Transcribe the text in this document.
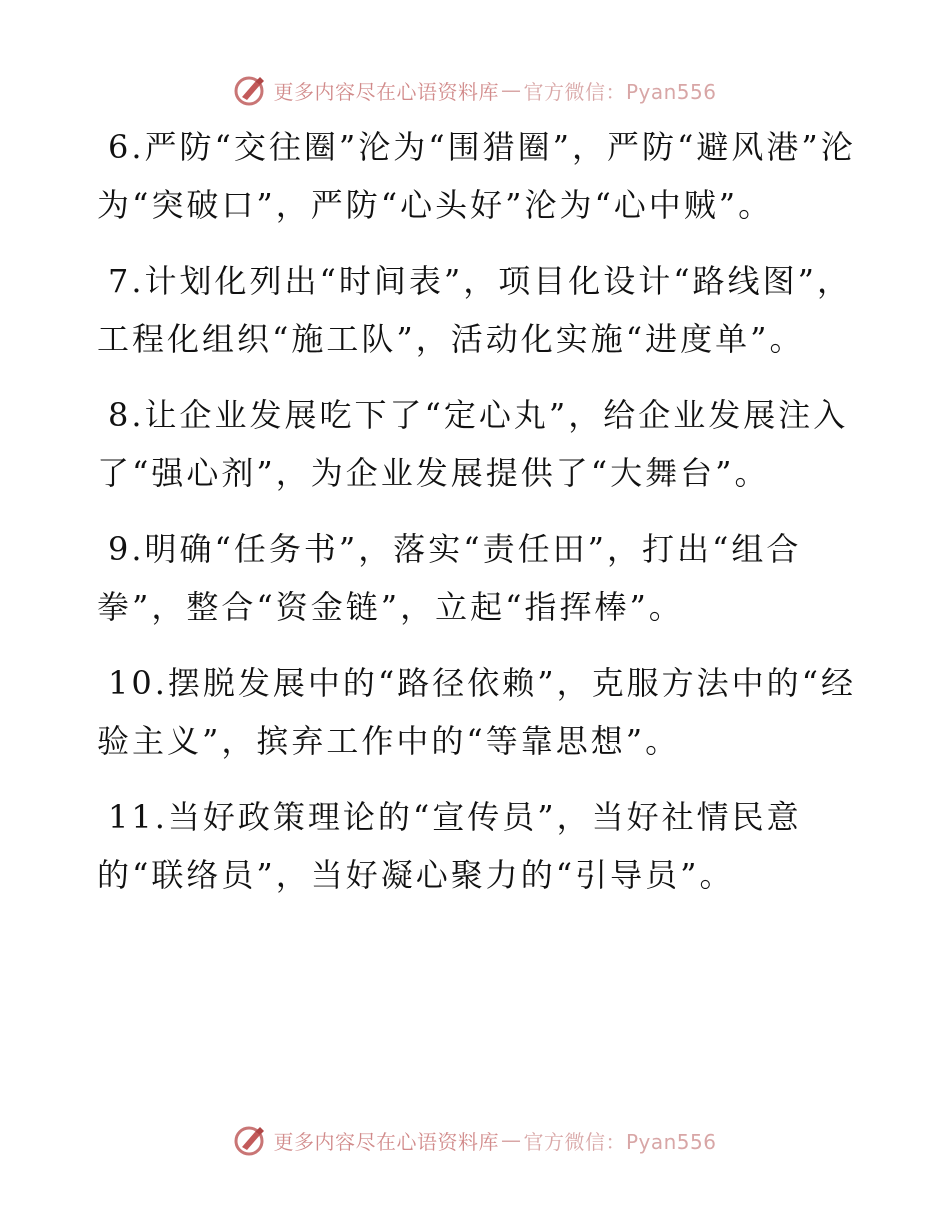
更多内容尽在心语资料库 — 官方微信：Pyan556

6.严防“交往圈”沦为“围猎圈”，严防“避风港”沦为“突破口”，严防“心头好”沦为“心中贼”。

7.计划化列出“时间表”，项目化设计“路线图”，工程化组织“施工队”，活动化实施“进度单”。

8.让企业发展吃下了“定心丸”，给企业发展注入了“强心剂”，为企业发展提供了“大舞台”。

9.明确“任务书”，落实“责任田”，打出“组合拳”，整合“资金链”，立起“指挥棒”。

10.摆脱发展中的“路径依赖”，克服方法中的“经验主义”，摈弃工作中的“等靠思想”。

11.当好政策理论的“宣传员”，当好社情民意的“联络员”，当好凝心聚力的“引导员”。

更多内容尽在心语资料库 — 官方微信：Pyan556
